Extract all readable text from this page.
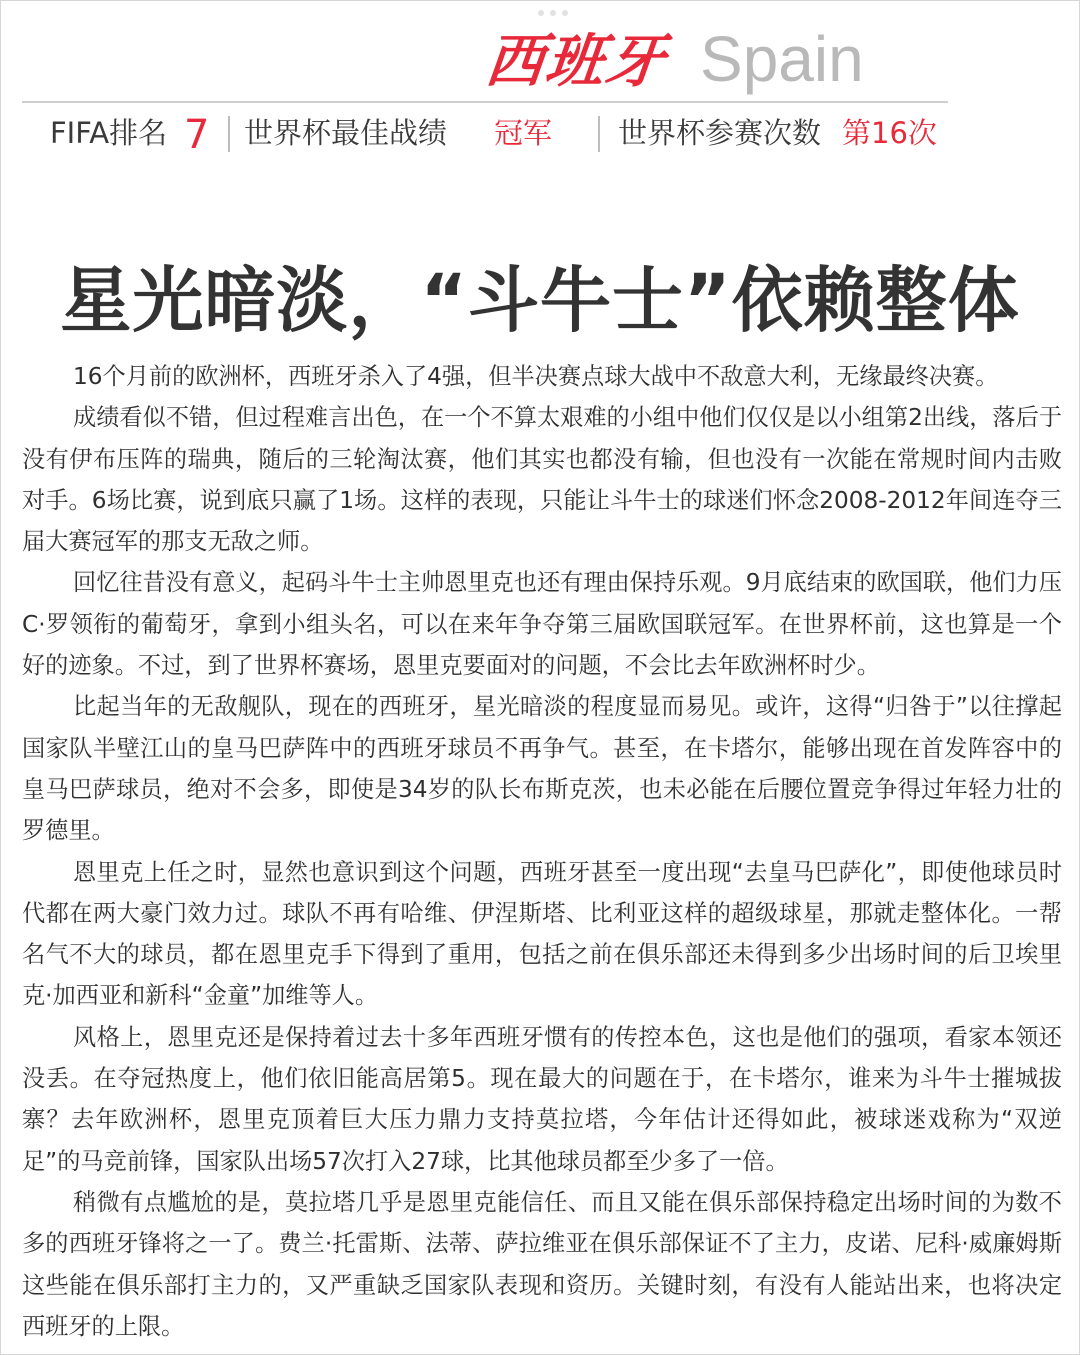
西班牙 Spain
FIFA排名 7 世界杯最佳战绩 冠军 世界杯参赛次数 第16次
星光暗淡，“斗牛士”依赖整体

16个月前的欧洲杯，西班牙杀入了4强，但半决赛点球大战中不敌意大利，无缘最终决赛。

成绩看似不错，但过程难言出色，在一个不算太艰难的小组中他们仅仅是以小组第2出线，落后于没有伊布压阵的瑞典，随后的三轮淘汰赛，他们其实也都没有输，但也没有一次能在常规时间内击败对手。6场比赛，说到底只赢了1场。这样的表现，只能让斗牛士的球迷们怀念2008-2012年间连夺三届大赛冠军的那支无敌之师。

回忆往昔没有意义，起码斗牛士主帅恩里克也还有理由保持乐观。9月底结束的欧国联，他们力压C·罗领衔的葡萄牙，拿到小组头名，可以在来年争夺第三届欧国联冠军。在世界杯前，这也算是一个好的迹象。不过，到了世界杯赛场，恩里克要面对的问题，不会比去年欧洲杯时少。

比起当年的无敌舰队，现在的西班牙，星光暗淡的程度显而易见。或许，这得“归咎于”以往撑起国家队半壁江山的皇马巴萨阵中的西班牙球员不再争气。甚至，在卡塔尔，能够出现在首发阵容中的皇马巴萨球员，绝对不会多，即使是34岁的队长布斯克茨，也未必能在后腰位置竞争得过年轻力壮的罗德里。

恩里克上任之时，显然也意识到这个问题，西班牙甚至一度出现“去皇马巴萨化”，即使他球员时代都在两大豪门效力过。球队不再有哈维、伊涅斯塔、比利亚这样的超级球星，那就走整体化。一帮名气不大的球员，都在恩里克手下得到了重用，包括之前在俱乐部还未得到多少出场时间的后卫埃里克·加西亚和新科“金童”加维等人。

风格上，恩里克还是保持着过去十多年西班牙惯有的传控本色，这也是他们的强项，看家本领还没丢。在夺冠热度上，他们依旧能高居第5。现在最大的问题在于，在卡塔尔，谁来为斗牛士摧城拔寨？去年欧洲杯，恩里克顶着巨大压力鼎力支持莫拉塔，今年估计还得如此，被球迷戏称为“双逆足”的马竞前锋，国家队出场57次打入27球，比其他球员都至少多了一倍。

稍微有点尴尬的是，莫拉塔几乎是恩里克能信任、而且又能在俱乐部保持稳定出场时间的为数不多的西班牙锋将之一了。费兰·托雷斯、法蒂、萨拉维亚在俱乐部保证不了主力，皮诺、尼科·威廉姆斯这些能在俱乐部打主力的，又严重缺乏国家队表现和资历。关键时刻，有没有人能站出来，也将决定西班牙的上限。
